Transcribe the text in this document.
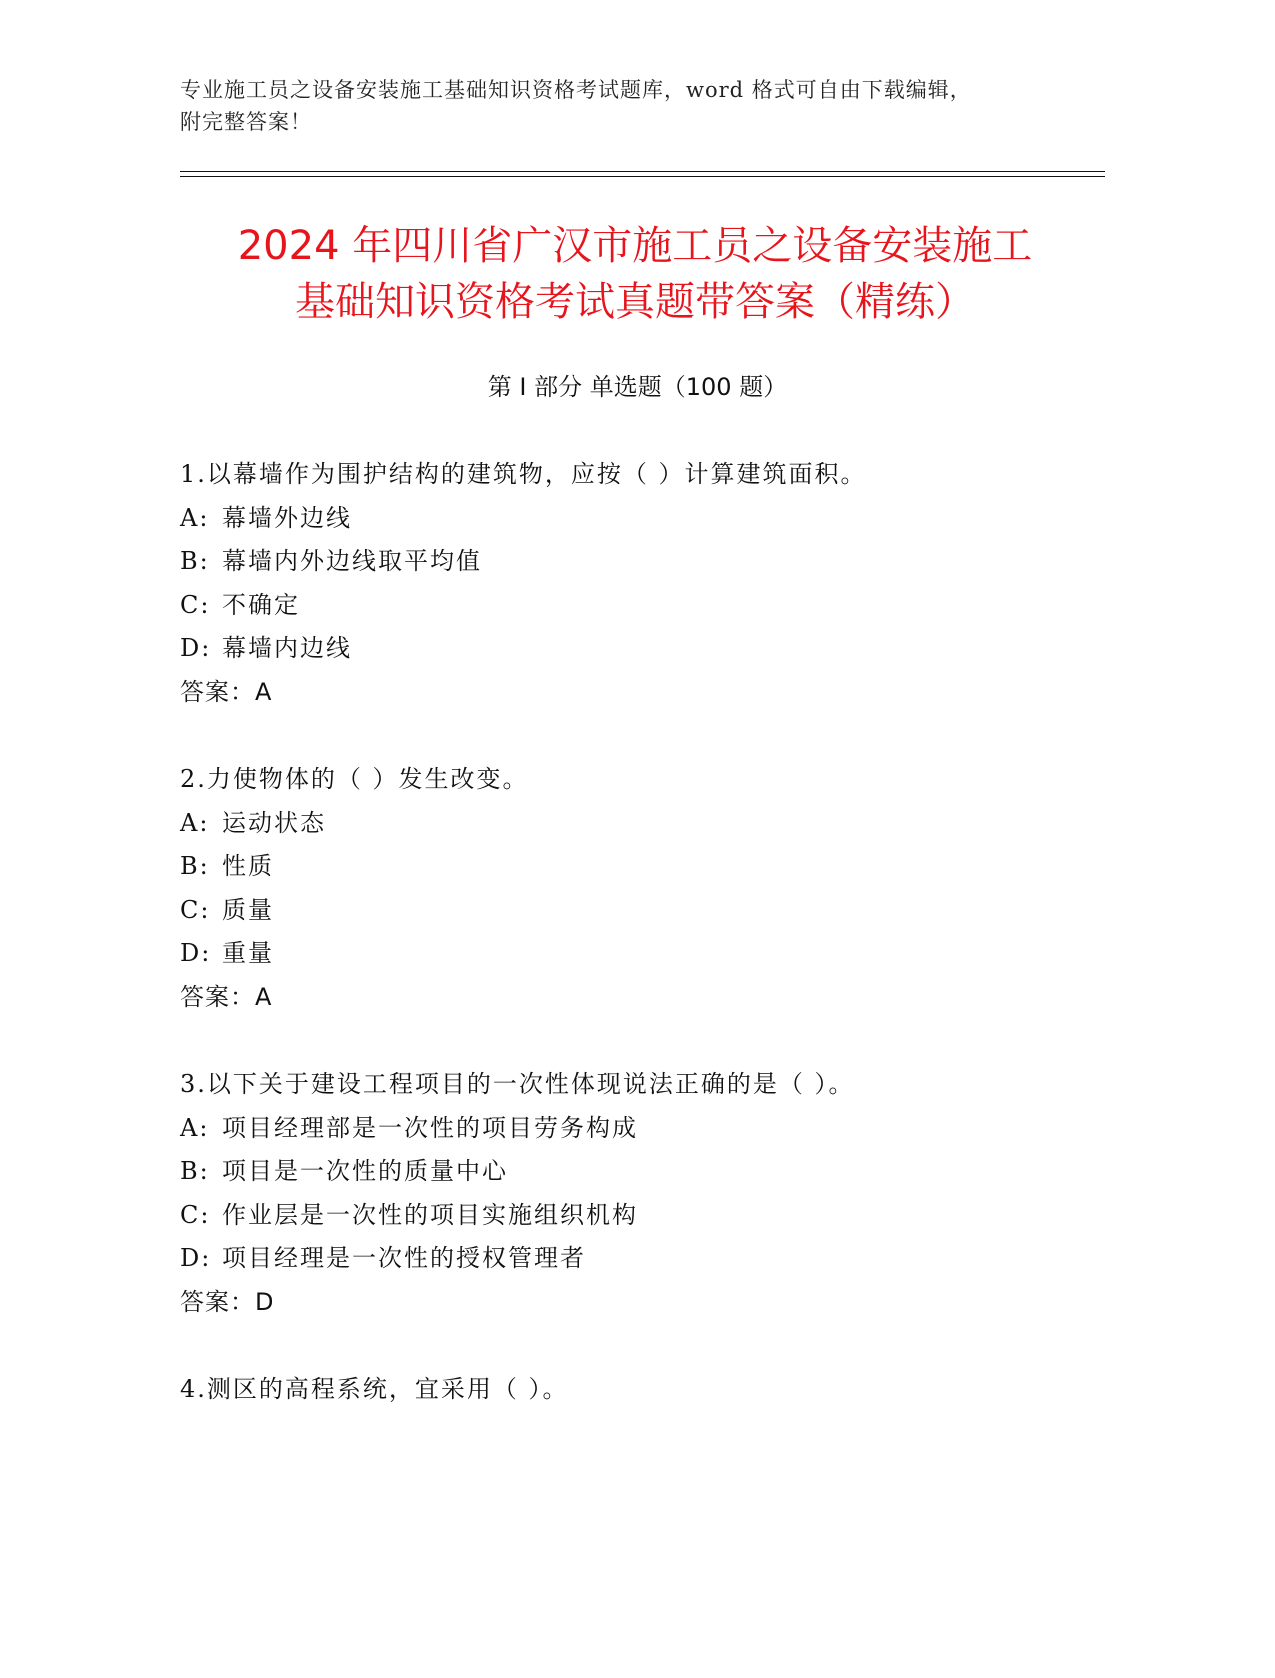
专业施工员之设备安装施工基础知识资格考试题库，word 格式可自由下载编辑，
附完整答案！
2024 年四川省广汉市施工员之设备安装施工
基础知识资格考试真题带答案（精练）
第 I 部分 单选题（100 题）
1.以幕墙作为围护结构的建筑物，应按（ ）计算建筑面积。
A: 幕墙外边线
B: 幕墙内外边线取平均值
C: 不确定
D: 幕墙内边线
答案：A
2.力使物体的（ ）发生改变。
A: 运动状态
B: 性质
C: 质量
D: 重量
答案：A
3.以下关于建设工程项目的一次性体现说法正确的是（ ）。
A: 项目经理部是一次性的项目劳务构成
B: 项目是一次性的质量中心
C: 作业层是一次性的项目实施组织机构
D: 项目经理是一次性的授权管理者
答案：D
4.测区的高程系统，宜采用（ ）。
